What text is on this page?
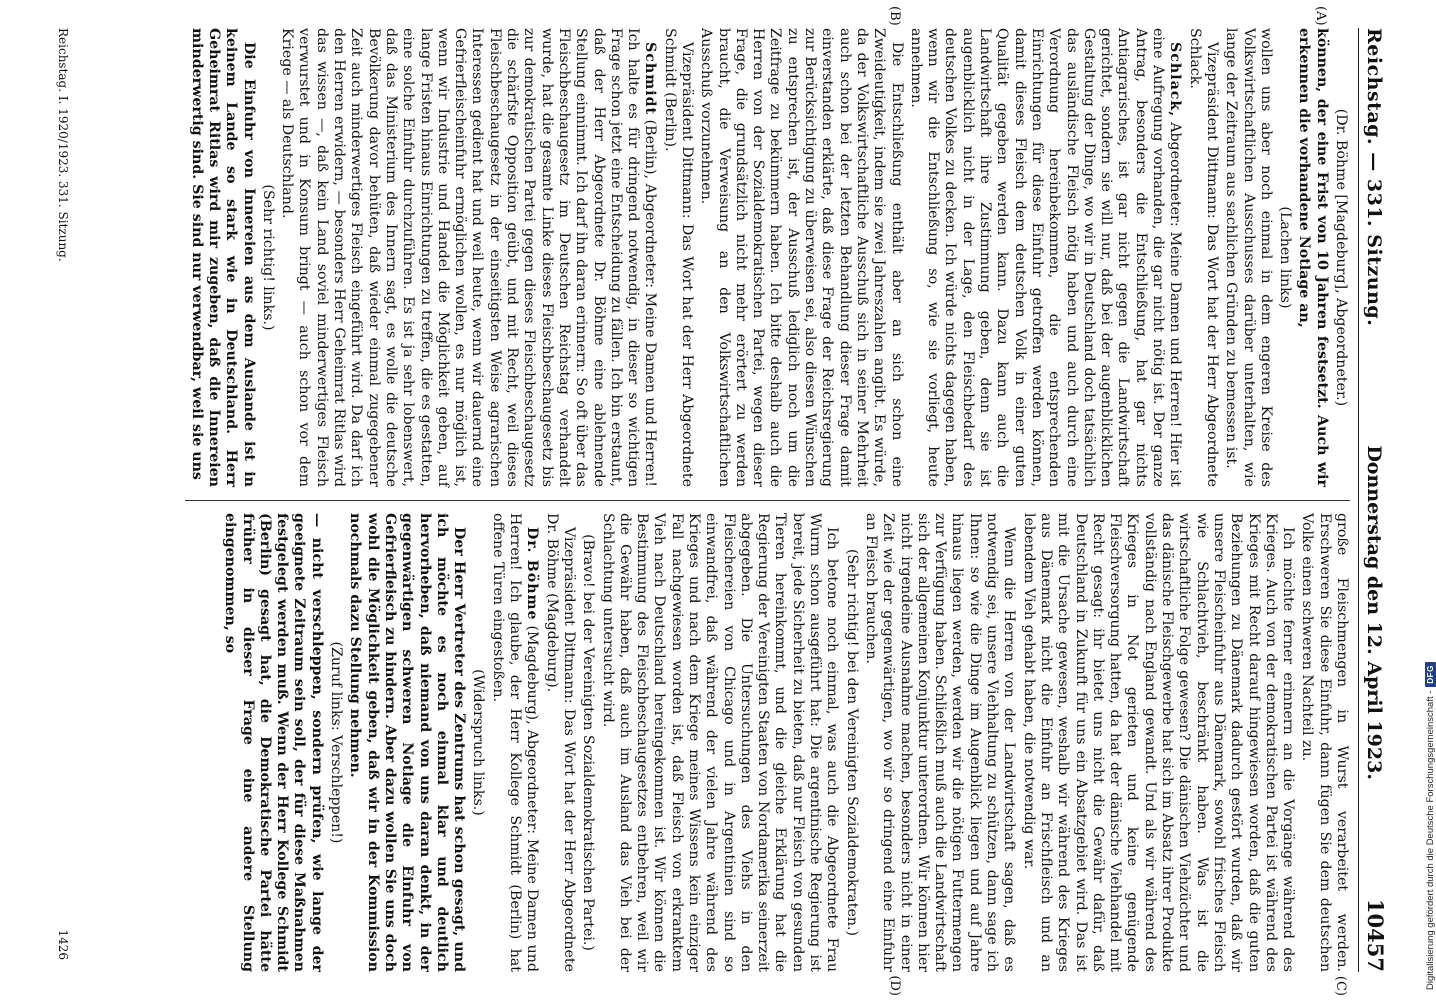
Reichstag. — 331. Sitzung.
Donnerstag den 12. April 1923.
10457
(A)
(B)
(C)
(D)

(Dr. Böhme [Magdeburg], Abgeordneter.)

können, der eine Frist von 10 Jahren festsetzt. Auch wir erkennen die vorhandene Notlage an,

(Lachen links)

wollen uns aber noch einmal in dem engeren Kreise des Volkswirtschaftlichen Ausschusses darüber unterhalten, wie lange der Zeitraum aus sachlichen Gründen zu bemessen ist.

Vizepräsident Dittmann: Das Wort hat der Herr Abgeordnete Schlack.

Schlack, Abgeordneter: Meine Damen und Herren! Hier ist eine Aufregung vorhanden, die gar nicht nötig ist. Der ganze Antrag, besonders die Entschließung, hat gar nichts Antiagrarisches, ist gar nicht gegen die Landwirtschaft gerichtet, sondern sie will nur, daß bei der augenblicklichen Gestaltung der Dinge, wo wir in Deutschland doch tatsächlich das ausländische Fleisch nötig haben und auch durch eine Verordnung hereinbekommen, die entsprechenden Einrichtungen für diese Einfuhr getroffen werden können, damit dieses Fleisch dem deutschen Volk in einer guten Qualität gegeben werden kann. Dazu kann auch die Landwirtschaft ihre Zustimmung geben, denn sie ist augenblicklich nicht in der Lage, den Fleischbedarf des deutschen Volkes zu decken. Ich würde nichts dagegen haben, wenn wir die Entschließung so, wie sie vorliegt, heute annehmen.

Die Entschließung enthält aber an sich schon eine Zweideutigkeit, indem sie zwei Jahreszahlen angibt. Es würde, da der Volkswirtschaftliche Ausschuß sich in seiner Mehrheit auch schon bei der letzten Behandlung dieser Frage damit einverstanden erklärte, daß diese Frage der Reichsregierung zur Berücksichtigung zu überweisen sei, also diesen Wünschen zu entsprechen ist, der Ausschuß lediglich noch um die Zeitfrage zu bekümmern haben. Ich bitte deshalb auch die Herren von der Sozialdemokratischen Partei, wegen dieser Frage, die grundsätzlich nicht mehr erörtert zu werden braucht, die Verweisung an den Volkswirtschaftlichen Ausschuß vorzunehmen.

Vizepräsident Dittmann: Das Wort hat der Herr Abgeordnete Schmidt (Berlin).

Schmidt (Berlin), Abgeordneter: Meine Damen und Herren! Ich halte es für dringend notwendig, in dieser so wichtigen Frage schon jetzt eine Entscheidung zu fällen. Ich bin erstaunt, daß der Herr Abgeordnete Dr. Böhme eine ablehnende Stellung einnimmt. Ich darf ihn daran erinnern: So oft über das Fleischbeschaugesetz im Deutschen Reichstag verhandelt wurde, hat die gesamte Linke dieses Fleischbeschaugesetz bis zur demokratischen Partei gegen dieses Fleischbeschaugesetz die schärfste Opposition geübt, und mit Recht, weil dieses Fleischbeschaugesetz in der einseitigsten Weise agrarischen Interessen gedient hat und weil heute, wenn wir dauernd eine Gefrierfleischeinfuhr ermöglichen wollen, es nur möglich ist, wenn wir Industrie und Handel die Möglichkeit geben, auf lange Fristen hinaus Einrichtungen zu treffen, die es gestatten, eine solche Einfuhr durchzuführen. Es ist ja sehr lobenswert, daß das Ministerium des Innern sagt, es wolle die deutsche Bevölkerung davor behüten, daß wieder einmal zugegebener Zeit auch minderwertiges Fleisch eingeführt wird. Da darf ich den Herren erwidern, — besonders Herr Geheimrat Ritlas wird das wissen —, daß kein Land soviel minderwertiges Fleisch verwurstet und in Konsum bringt — auch schon vor dem Kriege — als Deutschland.

(Sehr richtig! links.)

Die Einfuhr von Innereien aus dem Auslande ist in keinem Lande so stark wie in Deutschland. Herr Geheimrat Ritlas wird mir zugeben, daß die Innereien minderwertig sind. Sie sind nur verwendbar, weil sie uns

große Fleischmengen in Wurst verarbeitet werden. Erschweren Sie diese Einfuhr, dann fügen Sie dem deutschen Volke einen schweren Nachteil zu.

Ich möchte ferner erinnern an die Vorgänge während des Krieges. Auch von der demokratischen Partei ist während des Krieges mit Recht darauf hingewiesen worden, daß die guten Beziehungen zu Dänemark dadurch gestört wurden, daß wir unsere Fleischeinfuhr aus Dänemark, sowohl frisches Fleisch wie Schlachtvieh, beschränkt haben. Was ist die wirtschaftliche Folge gewesen? Die dänischen Viehzüchter und das dänische Fleischgewerbe hat sich im Absatz ihrer Produkte vollständig nach England gewandt. Und als wir während des Krieges in Not gerieten und keine genügende Fleischversorgung hatten, da hat der dänische Viehhandel mit Recht gesagt: ihr bietet uns nicht die Gewähr dafür, daß Deutschland in Zukunft für uns ein Absatzgebiet wird. Das ist mit die Ursache gewesen, weshalb wir während des Krieges aus Dänemark nicht die Einfuhr an Frischfleisch und an lebendem Vieh gehabt haben, die notwendig war.

Wenn die Herren von der Landwirtschaft sagen, daß es notwendig sei, unsere Viehhaltung zu schützen, dann sage ich Ihnen: so wie die Dinge im Augenblick liegen und auf Jahre hinaus liegen werden, werden wir die nötigen Futtermengen zur Verfügung haben. Schließlich muß auch die Landwirtschaft sich der allgemeinen Konjunktur unterordnen. Wir können hier nicht irgendeine Ausnahme machen, besonders nicht in einer Zeit wie der gegenwärtigen, wo wir so dringend eine Einfuhr an Fleisch brauchen.

(Sehr richtig! bei den Vereinigten Sozialdemokraten.)

Ich betone noch einmal, was auch die Abgeordnete Frau Wurm schon ausgeführt hat: Die argentinische Regierung ist bereit, jede Sicherheit zu bieten, daß nur Fleisch von gesunden Tieren hereinkommt, und die gleiche Erklärung hat die Regierung der Vereinigten Staaten von Nordamerika seinerzeit abgegeben. Die Untersuchungen des Viehs in den Fleischereien von Chicago und in Argentinien sind so einwandfrei, daß während der vielen Jahre während des Krieges und nach dem Kriege meines Wissens kein einziger Fall nachgewiesen worden ist, daß Fleisch von erkranktem Vieh nach Deutschland hereingekommen ist. Wir können die Bestimmung des Fleischbeschaugesetzes entbehren, weil wir die Gewähr haben, daß auch im Ausland das Vieh bei der Schlachtung untersucht wird.

(Bravo! bei der Vereinigten Sozialdemokratischen Partei.)

Vizepräsident Dittmann: Das Wort hat der Herr Abgeordnete Dr. Böhme (Magdeburg).

Dr. Böhme (Magdeburg), Abgeordneter: Meine Damen und Herren! Ich glaube, der Herr Kollege Schmidt (Berlin) hat offene Türen eingestoßen.

(Widerspruch links.)

Der Herr Vertreter des Zentrums hat schon gesagt, und ich möchte es noch einmal klar und deutlich hervorheben, daß niemand von uns daran denkt, in der gegenwärtigen schweren Notlage die Einfuhr von Gefrierfleisch zu hindern. Aber dazu wollen Sie uns doch wohl die Möglichkeit geben, daß wir in der Kommission nochmals dazu Stellung nehmen.

(Zuruf links: Verschleppen!)

— nicht verschleppen, sondern prüfen, wie lange der geeignete Zeitraum sein soll, der für diese Maßnahmen festgelegt werden muß. Wenn der Herr Kollege Schmidt (Berlin) gesagt hat, die Demokratische Partei hätte früher in dieser Frage eine andere Stellung eingenommen, so

Reichstag. I. 1920/1923. 331. Sitzung.
1426	Digitalisierung gefördert durch die Deutsche Forschungsgemeinschaft -
DFG
